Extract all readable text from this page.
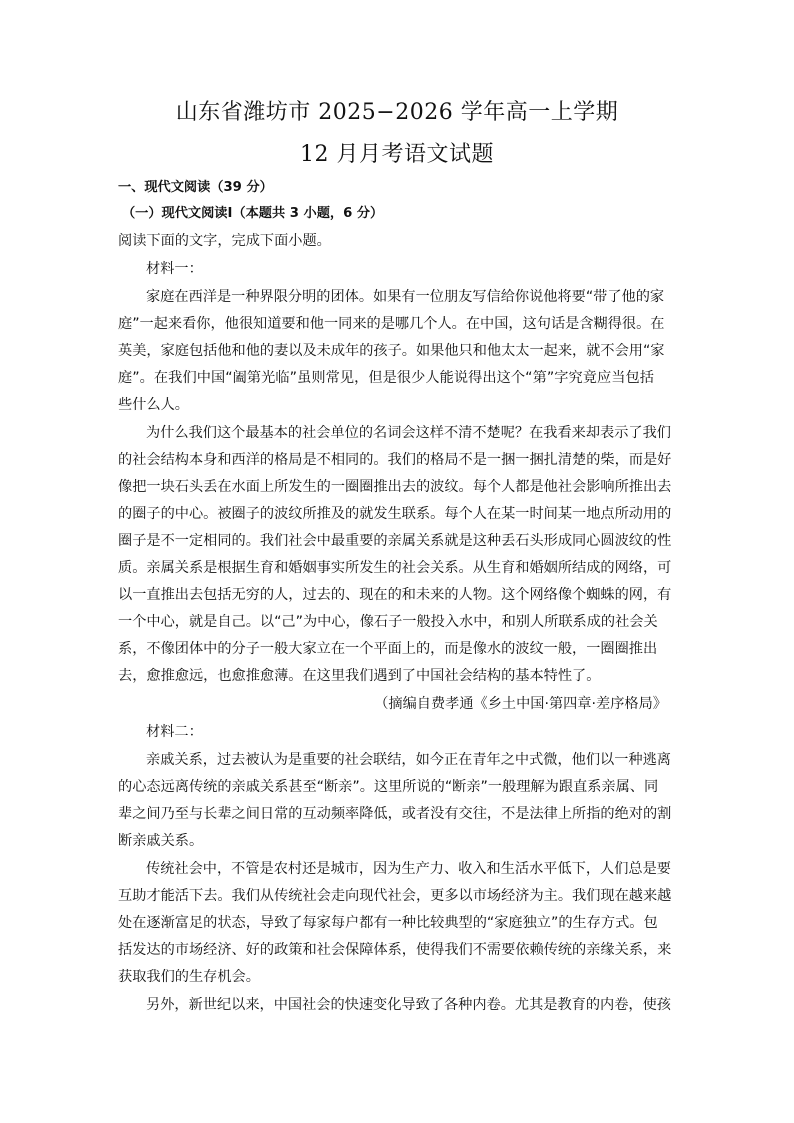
山东省潍坊市 2025−2026 学年高一上学期
12 月月考语文试题
一、现代文阅读（39 分）
（一）现代文阅读Ⅰ（本题共 3 小题，6 分）
阅读下面的文字，完成下面小题。
材料一：
家庭在西洋是一种界限分明的团体。如果有一位朋友写信给你说他将要“带了他的家
庭”一起来看你，他很知道要和他一同来的是哪几个人。在中国，这句话是含糊得很。在
英美，家庭包括他和他的妻以及未成年的孩子。如果他只和他太太一起来，就不会用“家
庭”。在我们中国“阖第光临”虽则常见，但是很少人能说得出这个“第”字究竟应当包括
些什么人。
为什么我们这个最基本的社会单位的名词会这样不清不楚呢？在我看来却表示了我们
的社会结构本身和西洋的格局是不相同的。我们的格局不是一捆一捆扎清楚的柴，而是好
像把一块石头丢在水面上所发生的一圈圈推出去的波纹。每个人都是他社会影响所推出去
的圈子的中心。被圈子的波纹所推及的就发生联系。每个人在某一时间某一地点所动用的
圈子是不一定相同的。我们社会中最重要的亲属关系就是这种丢石头形成同心圆波纹的性
质。亲属关系是根据生育和婚姻事实所发生的社会关系。从生育和婚姻所结成的网络，可
以一直推出去包括无穷的人，过去的、现在的和未来的人物。这个网络像个蜘蛛的网，有
一个中心，就是自己。以“己”为中心，像石子一般投入水中，和别人所联系成的社会关
系，不像团体中的分子一般大家立在一个平面上的，而是像水的波纹一般，一圈圈推出
去，愈推愈远，也愈推愈薄。在这里我们遇到了中国社会结构的基本特性了。
（摘编自费孝通《乡土中国·第四章·差序格局》
材料二：
亲戚关系，过去被认为是重要的社会联结，如今正在青年之中式微，他们以一种逃离
的心态远离传统的亲戚关系甚至“断亲”。这里所说的“断亲”一般理解为跟直系亲属、同
辈之间乃至与长辈之间日常的互动频率降低，或者没有交往，不是法律上所指的绝对的割
断亲戚关系。
传统社会中，不管是农村还是城市，因为生产力、收入和生活水平低下，人们总是要
互助才能活下去。我们从传统社会走向现代社会，更多以市场经济为主。我们现在越来越
处在逐渐富足的状态，导致了每家每户都有一种比较典型的“家庭独立”的生存方式。包
括发达的市场经济、好的政策和社会保障体系，使得我们不需要依赖传统的亲缘关系，来
获取我们的生存机会。
另外，新世纪以来，中国社会的快速变化导致了各种内卷。尤其是教育的内卷，使孩
